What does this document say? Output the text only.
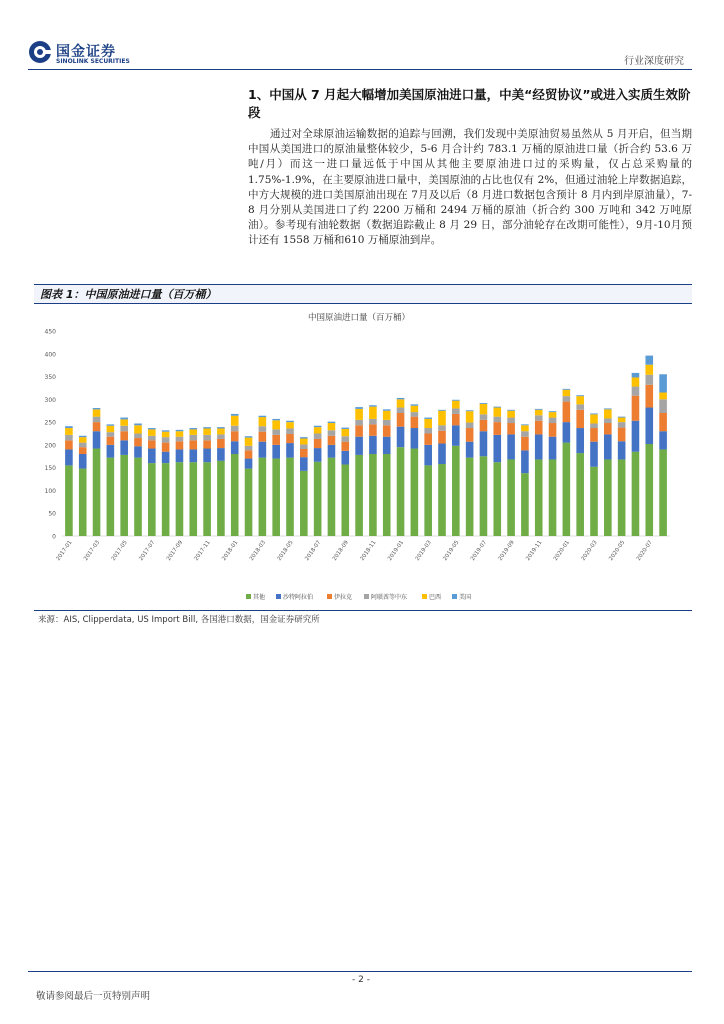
国金证券
SINOLINK SECURITIES	行业深度研究
1、中国从 7 月起大幅增加美国原油进口量，中美“经贸协议”或进入实质生效阶段
通过对全球原油运输数据的追踪与回溯，我们发现中美原油贸易虽然从 5 月开启，但当期中国从美国进口的原油量整体较少，5-6 月合计约 783.1 万桶的原油进口量（折合约 53.6 万吨/月）而这一进口量远低于中国从其他主要原油进口过的采购量，仅占总采购量的 1.75%-1.9%，在主要原油进口量中，美国原油的占比也仅有 2%，但通过油轮上岸数据追踪，中方大规模的进口美国原油出现在 7月及以后（8 月进口数据包含预计 8 月内到岸原油量），7-8 月分别从美国进口了约 2200 万桶和 2494 万桶的原油（折合约 300 万吨和 342 万吨原油）。参考现有油轮数据（数据追踪截止 8 月 29 日，部分油轮存在改期可能性），9月-10月预计还有 1558 万桶和610 万桶原油到岸。
图表 1：中国原油进口量（百万桶）
中国原油进口量（百万桶）
0
50
100
150
200
250
300
350
400
450
2017-01 2017-03 2017-05 2017-07 2017-09 2017-11 2018-01 2018-03 2018-05 2018-07 2018-09 2018-11 2019-01 2019-03 2019-05 2019-07 2019-09 2019-11 2020-01 2020-03 2020-05 2020-07
其他	沙特阿拉伯	伊拉克	阿联酋等中东	巴西	美国
来源：AIS, Clipperdata, US Import Bill, 各国港口数据，国金证券研究所
- 2 -
敬请参阅最后一页特别声明
